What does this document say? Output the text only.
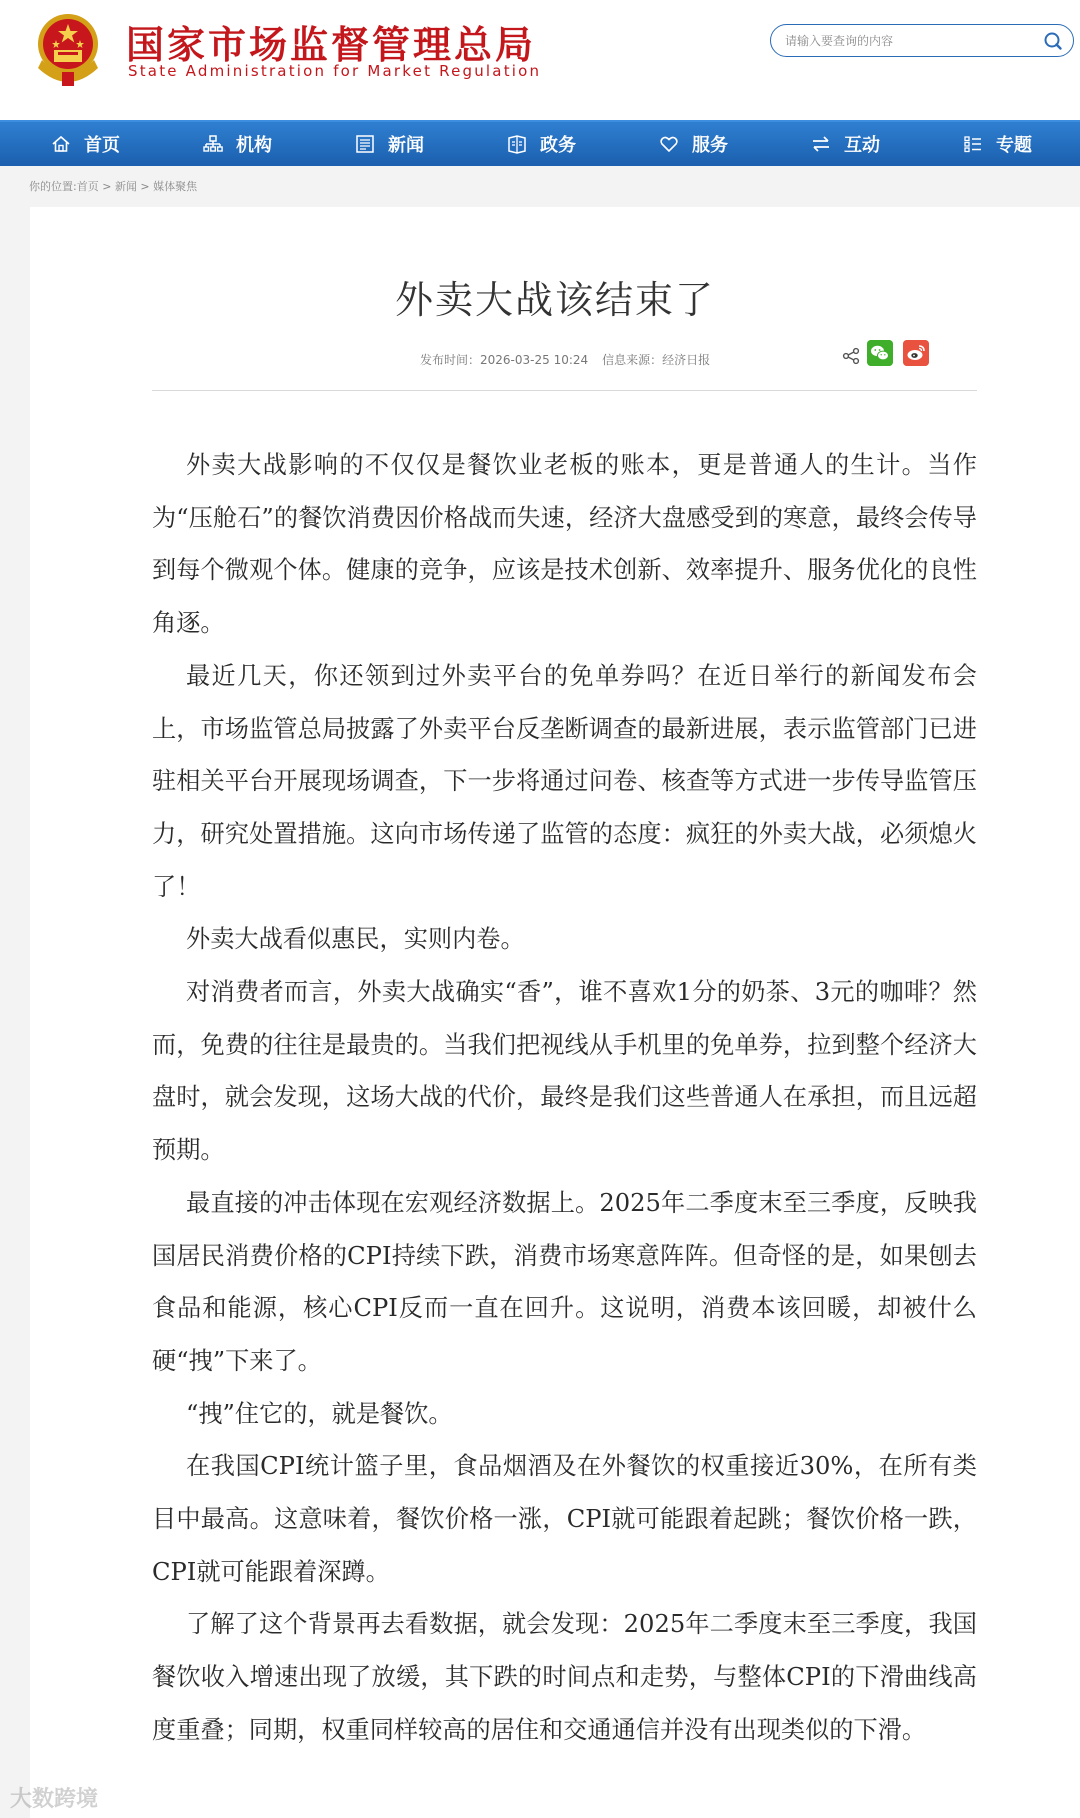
国家市场监督管理总局
State Administration for Market Regulation
请输入要查询的内容
首页	机构	新闻	政务	服务	互动	专题
你的位置:首页 > 新闻 > 媒体聚焦
外卖大战该结束了
发布时间：2026-03-25 10:24 信息来源：经济日报

外卖大战影响的不仅仅是餐饮业老板的账本，更是普通人的生计。当作为“压舱石”的餐饮消费因价格战而失速，经济大盘感受到的寒意，最终会传导到每个微观个体。健康的竞争，应该是技术创新、效率提升、服务优化的良性角逐。

最近几天，你还领到过外卖平台的免单券吗？在近日举行的新闻发布会上，市场监管总局披露了外卖平台反垄断调查的最新进展，表示监管部门已进驻相关平台开展现场调查，下一步将通过问卷、核查等方式进一步传导监管压力，研究处置措施。这向市场传递了监管的态度：疯狂的外卖大战，必须熄火了！

外卖大战看似惠民，实则内卷。

对消费者而言，外卖大战确实“香”，谁不喜欢1分的奶茶、3元的咖啡？然而，免费的往往是最贵的。当我们把视线从手机里的免单券，拉到整个经济大盘时，就会发现，这场大战的代价，最终是我们这些普通人在承担，而且远超预期。

最直接的冲击体现在宏观经济数据上。2025年二季度末至三季度，反映我国居民消费价格的CPI持续下跌，消费市场寒意阵阵。但奇怪的是，如果刨去食品和能源，核心CPI反而一直在回升。这说明，消费本该回暖，却被什么硬“拽”下来了。

“拽”住它的，就是餐饮。

在我国CPI统计篮子里，食品烟酒及在外餐饮的权重接近30%，在所有类目中最高。这意味着，餐饮价格一涨，CPI就可能跟着起跳；餐饮价格一跌，CPI就可能跟着深蹲。

了解了这个背景再去看数据，就会发现：2025年二季度末至三季度，我国餐饮收入增速出现了放缓，其下跌的时间点和走势，与整体CPI的下滑曲线高度重叠；同期，权重同样较高的居住和交通通信并没有出现类似的下滑。

大数跨境
